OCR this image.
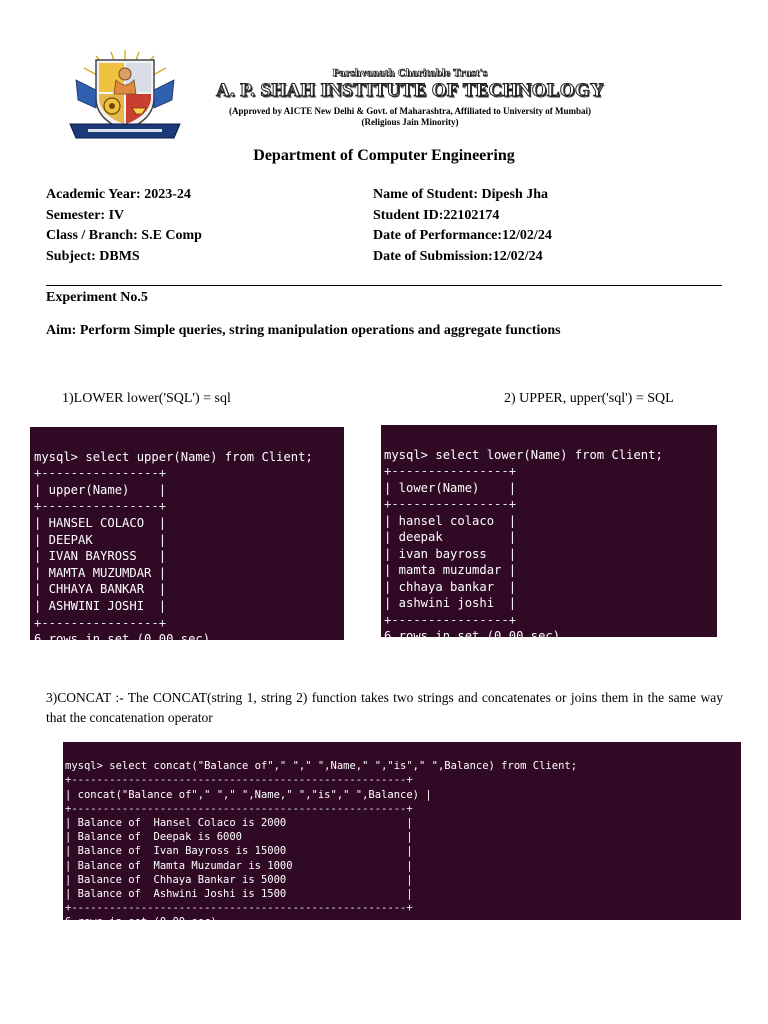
Parshvanath Charitable Trust's
A. P. SHAH INSTITUTE OF TECHNOLOGY
(Approved by AICTE New Delhi & Govt. of Maharashtra, Affiliated to University of Mumbai)
(Religious Jain Minority)
Department of Computer Engineering
Academic Year: 2023-24
Semester: IV
Class / Branch: S.E Comp
Subject: DBMS
Name of Student: Dipesh Jha
Student ID:22102174
Date of Performance:12/02/24
Date of Submission:12/02/24
Experiment No.5
Aim: Perform Simple queries, string manipulation operations and aggregate functions
1)LOWER lower('SQL') = sql	2) UPPER, upper('sql') = SQL

mysql> select upper(Name) from Client;
+----------------+
| upper(Name)    |
+----------------+
| HANSEL COLACO  |
| DEEPAK         |
| IVAN BAYROSS   |
| MAMTA MUZUMDAR |
| CHHAYA BANKAR  |
| ASHWINI JOSHI  |
+----------------+
6 rows in set (0.00 sec)

mysql> select lower(Name) from Client;
+----------------+
| lower(Name)    |
+----------------+
| hansel colaco  |
| deepak         |
| ivan bayross   |
| mamta muzumdar |
| chhaya bankar  |
| ashwini joshi  |
+----------------+
6 rows in set (0.00 sec)
3)CONCAT :- The CONCAT(string 1, string 2) function takes two strings and concatenates or joins them in the same way that the concatenation operator

mysql> select concat("Balance of"," "," ",Name," ","is"," ",Balance) from Client;
+-----------------------------------------------------+
| concat("Balance of"," "," ",Name," ","is"," ",Balance) |
+-----------------------------------------------------+
| Balance of  Hansel Colaco is 2000                   |
| Balance of  Deepak is 6000                          |
| Balance of  Ivan Bayross is 15000                   |
| Balance of  Mamta Muzumdar is 1000                  |
| Balance of  Chhaya Bankar is 5000                   |
| Balance of  Ashwini Joshi is 1500                   |
+-----------------------------------------------------+
6 rows in set (0.00 sec)
